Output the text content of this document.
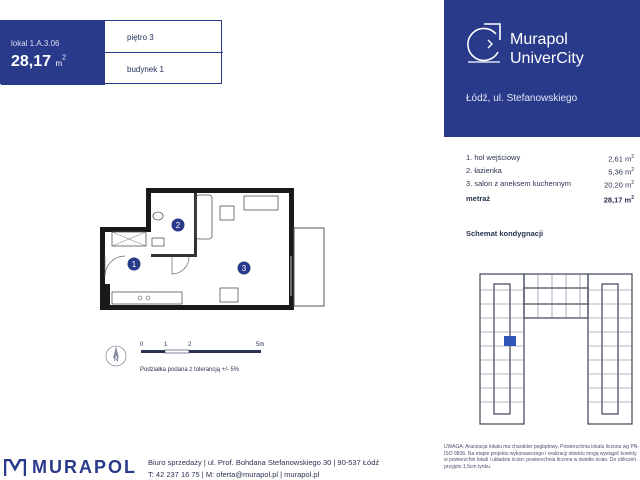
lokal 1.A.3.06
28,17 $m^2$
piętro 3
budynek 1
Murapol
UniverCity
Łódź, ul. Stefanowskiego
1. hol wejściowy	2,61 $m^2$
2. łazienka	5,36 $m^2$
3. salon z aneksem kuchennym	20,20 $m^2$
metraż	28,17 $m^2$
Schemat kondygnacji
1
2
3
N
0	1	2	5m
Podziałka podana z tolerancją +/- 5%
MURAPOL Biuro sprzedaży | ul. Prof. Bohdana Stefanowskiego 30 | 90-537 Łódź
T: 42 237 16 75 | M: oferta@murapol.pl | murapol.pl
UWAGA: Aranżacja lokalu ma charakter poglądowy. Powierzchnia lokalu liczona wg PN-ISO 9836. Na etapie projektu wykonawczego i realizacji obiektu mogą wystąpić korekty w powierzchni lokali i układzie ścian; powierzchnia liczona w świetle ścian. Do obliczeń przyjęto 1,5cm tynku.
